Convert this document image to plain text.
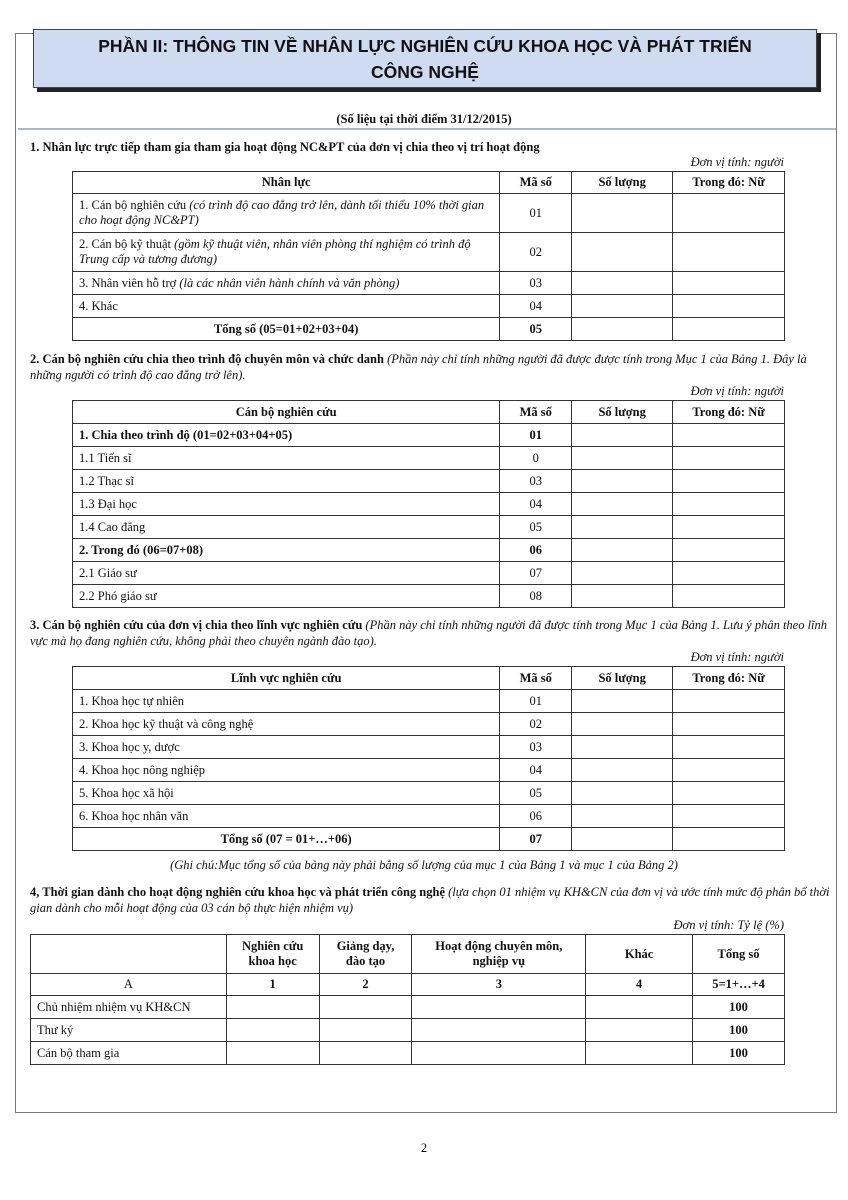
PHẦN II: THÔNG TIN VỀ NHÂN LỰC NGHIÊN CỨU KHOA HỌC VÀ PHÁT TRIỂN
CÔNG NGHỆ
(Số liệu tại thời điểm 31/12/2015)
1. Nhân lực trực tiếp tham gia tham gia hoạt động NC&PT của đơn vị chia theo vị trí hoạt động
Đơn vị tính: người
Nhân lực	Mã số	Số lượng	Trong đó: Nữ
1. Cán bộ nghiên cứu (có trình độ cao đẳng trở lên, dành tối thiểu 10% thời gian cho hoạt động NC&PT)	01		
2. Cán bộ kỹ thuật (gồm kỹ thuật viên, nhân viên phòng thí nghiệm có trình độ Trung cấp và tương đương)	02		
3. Nhân viên hỗ trợ (là các nhân viên hành chính và văn phòng)	03		
4. Khác	04		
Tổng số (05=01+02+03+04)	05		
2. Cán bộ nghiên cứu chia theo trình độ chuyên môn và chức danh (Phần này chỉ tính những người đã được được tính trong Mục 1 của Bảng 1. Đây là những người có trình độ cao đẳng trở lên).
Đơn vị tính: người
Cán bộ nghiên cứu	Mã số	Số lượng	Trong đó: Nữ
1. Chia theo trình độ (01=02+03+04+05)	01		
1.1 Tiến sĩ	0		
1.2 Thạc sĩ	03		
1.3 Đại học	04		
1.4 Cao đẳng	05		
2. Trong đó (06=07+08)	06		
2.1 Giáo sư	07		
2.2 Phó giáo sư	08		
3. Cán bộ nghiên cứu của đơn vị chia theo lĩnh vực nghiên cứu (Phần này chỉ tính những người đã được tính trong Mục 1 của Bảng 1. Lưu ý phân theo lĩnh vực mà họ đang nghiên cứu, không phải theo chuyên ngành đào tạo).
Đơn vị tính: người
Lĩnh vực nghiên cứu	Mã số	Số lượng	Trong đó: Nữ
1. Khoa học tự nhiên	01		
2. Khoa học kỹ thuật và công nghệ	02		
3. Khoa học y, dược	03		
4. Khoa học nông nghiệp	04		
5. Khoa học xã hội	05		
6. Khoa học nhân văn	06		
Tổng số (07 = 01+…+06)	07		
(Ghi chú:Mục tổng số của bảng này phải bằng số lượng của mục 1 của Bảng 1 và mục 1 của Bảng 2)
4, Thời gian dành cho hoạt động nghiên cứu khoa học và phát triển công nghệ (lựa chọn 01 nhiệm vụ KH&CN của đơn vị và ước tính mức độ phân bổ thời gian dành cho mỗi hoạt động của 03 cán bộ thực hiện nhiệm vụ)
Đơn vị tính: Tỷ lệ (%)
	Nghiên cứu khoa học	Giảng dạy, đào tạo	Hoạt động chuyên môn, nghiệp vụ	Khác	Tổng số
A	1	2	3	4	5=1+…+4
Chủ nhiệm nhiệm vụ KH&CN					100
Thư ký					100
Cán bộ tham gia					100
2
